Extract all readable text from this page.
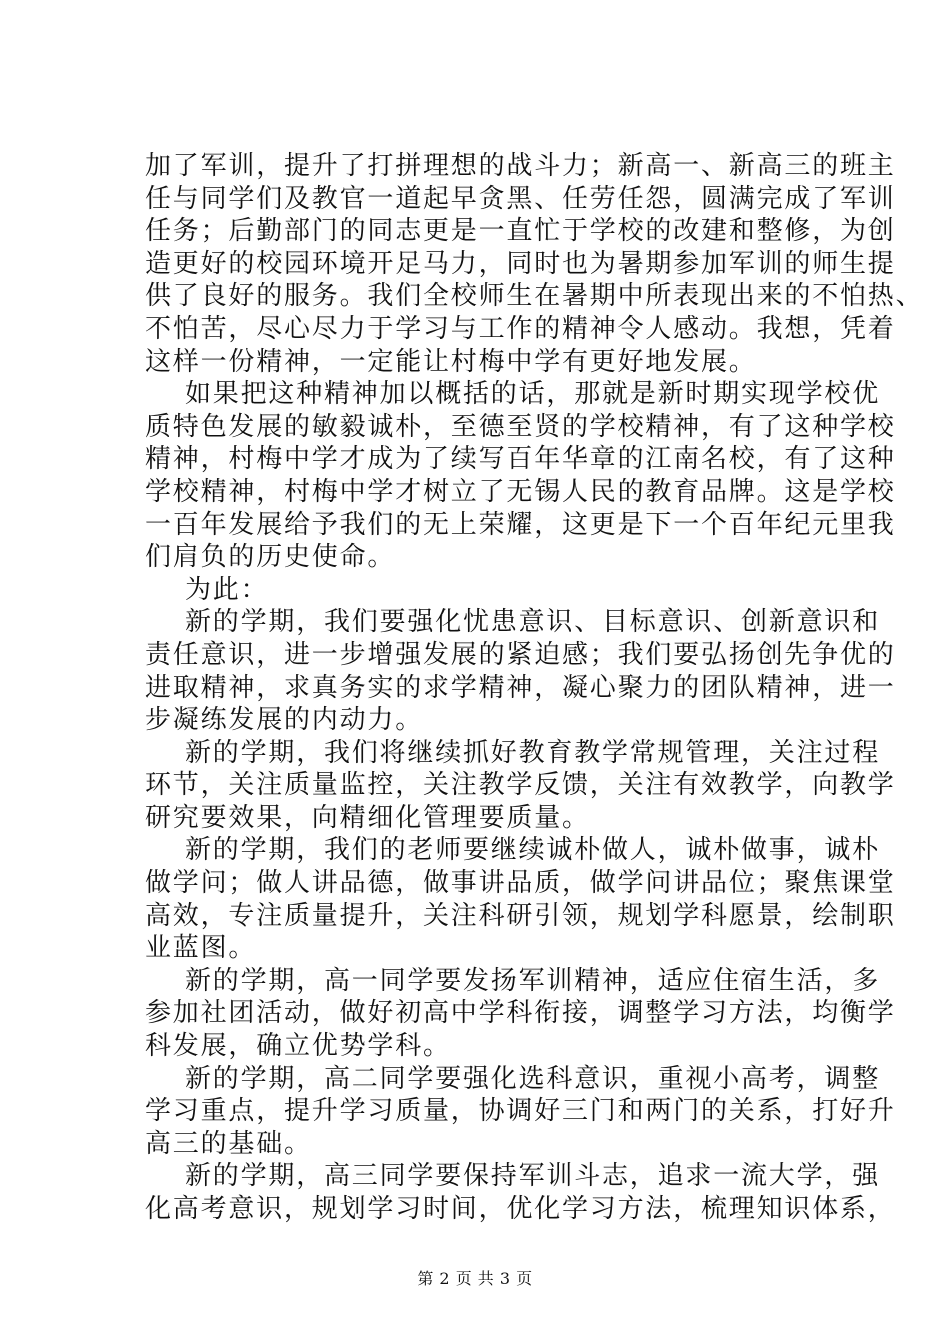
加了军训，提升了打拼理想的战斗力；新高一、新高三的班主
任与同学们及教官一道起早贪黑、任劳任怨，圆满完成了军训
任务；后勤部门的同志更是一直忙于学校的改建和整修，为创
造更好的校园环境开足马力，同时也为暑期参加军训的师生提
供了良好的服务。我们全校师生在暑期中所表现出来的不怕热、
不怕苦，尽心尽力于学习与工作的精神令人感动。我想，凭着
这样一份精神，一定能让村梅中学有更好地发展。
如果把这种精神加以概括的话，那就是新时期实现学校优
质特色发展的敏毅诚朴，至德至贤的学校精神，有了这种学校
精神，村梅中学才成为了续写百年华章的江南名校，有了这种
学校精神，村梅中学才树立了无锡人民的教育品牌。这是学校
一百年发展给予我们的无上荣耀，这更是下一个百年纪元里我
们肩负的历史使命。
为此：
新的学期，我们要强化忧患意识、目标意识、创新意识和
责任意识，进一步增强发展的紧迫感；我们要弘扬创先争优的
进取精神，求真务实的求学精神，凝心聚力的团队精神，进一
步凝练发展的内动力。
新的学期，我们将继续抓好教育教学常规管理，关注过程
环节，关注质量监控，关注教学反馈，关注有效教学，向教学
研究要效果，向精细化管理要质量。
新的学期，我们的老师要继续诚朴做人，诚朴做事，诚朴
做学问；做人讲品德，做事讲品质，做学问讲品位；聚焦课堂
高效，专注质量提升，关注科研引领，规划学科愿景，绘制职
业蓝图。
新的学期，高一同学要发扬军训精神，适应住宿生活，多
参加社团活动，做好初高中学科衔接，调整学习方法，均衡学
科发展，确立优势学科。
新的学期，高二同学要强化选科意识，重视小高考，调整
学习重点，提升学习质量，协调好三门和两门的关系，打好升
高三的基础。
新的学期，高三同学要保持军训斗志，追求一流大学，强
化高考意识，规划学习时间，优化学习方法，梳理知识体系，
第 2 页 共 3 页
